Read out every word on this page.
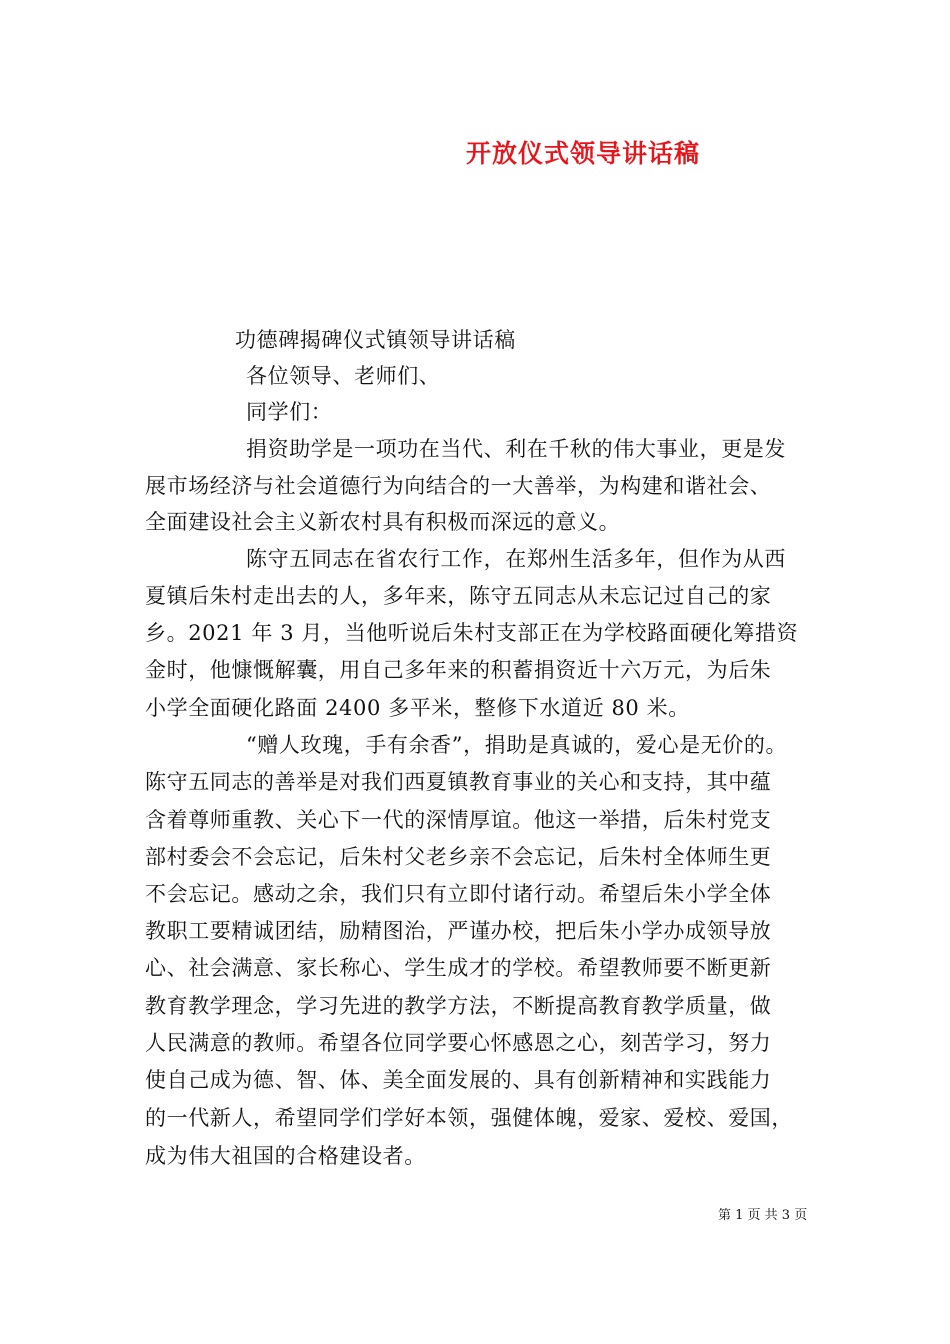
开放仪式领导讲话稿
功德碑揭碑仪式镇领导讲话稿
各位领导、老师们、
同学们：
捐资助学是一项功在当代、利在千秋的伟大事业，更是发
展市场经济与社会道德行为向结合的一大善举，为构建和谐社会、
全面建设社会主义新农村具有积极而深远的意义。
陈守五同志在省农行工作，在郑州生活多年，但作为从西
夏镇后朱村走出去的人，多年来，陈守五同志从未忘记过自己的家
乡。2021 年 3 月，当他听说后朱村支部正在为学校路面硬化筹措资
金时，他慷慨解囊，用自己多年来的积蓄捐资近十六万元，为后朱
小学全面硬化路面 2400 多平米，整修下水道近 80 米。
“赠人玫瑰，手有余香”，捐助是真诚的，爱心是无价的。
陈守五同志的善举是对我们西夏镇教育事业的关心和支持，其中蕴
含着尊师重教、关心下一代的深情厚谊。他这一举措，后朱村党支
部村委会不会忘记，后朱村父老乡亲不会忘记，后朱村全体师生更
不会忘记。感动之余，我们只有立即付诸行动。希望后朱小学全体
教职工要精诚团结，励精图治，严谨办校，把后朱小学办成领导放
心、社会满意、家长称心、学生成才的学校。希望教师要不断更新
教育教学理念，学习先进的教学方法，不断提高教育教学质量，做
人民满意的教师。希望各位同学要心怀感恩之心，刻苦学习，努力
使自己成为德、智、体、美全面发展的、具有创新精神和实践能力
的一代新人，希望同学们学好本领，强健体魄，爱家、爱校、爱国，
成为伟大祖国的合格建设者。
第 1 页 共 3 页
